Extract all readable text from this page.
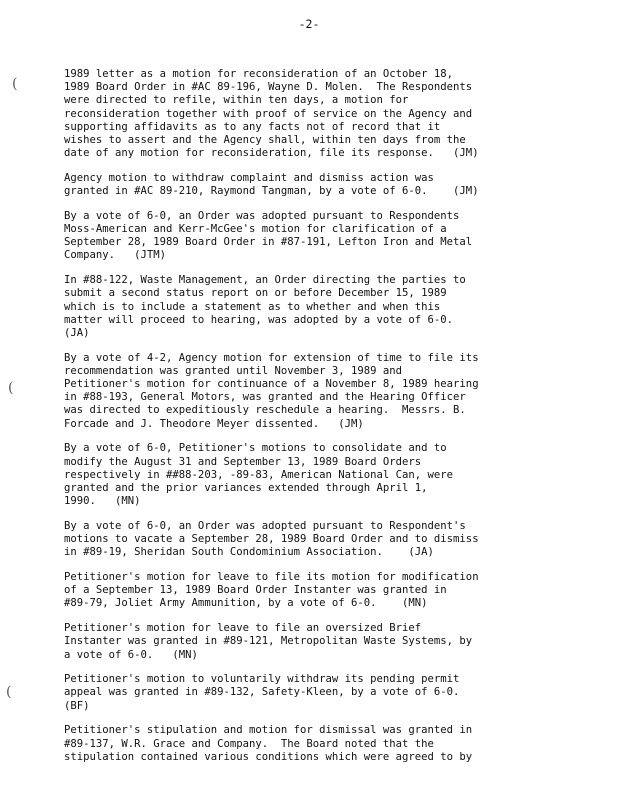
-2-
(
(
(
1989 letter as a motion for reconsideration of an October 18,
1989 Board Order in #AC 89-196, Wayne D. Molen.  The Respondents
were directed to refile, within ten days, a motion for
reconsideration together with proof of service on the Agency and
supporting affidavits as to any facts not of record that it
wishes to assert and the Agency shall, within ten days from the
date of any motion for reconsideration, file its response.   (JM)
Agency motion to withdraw complaint and dismiss action was
granted in #AC 89-210, Raymond Tangman, by a vote of 6-0.    (JM)
By a vote of 6-0, an Order was adopted pursuant to Respondents
Moss-American and Kerr-McGee's motion for clarification of a
September 28, 1989 Board Order in #87-191, Lefton Iron and Metal
Company.   (JTM)
In #88-122, Waste Management, an Order directing the parties to
submit a second status report on or before December 15, 1989
which is to include a statement as to whether and when this
matter will proceed to hearing, was adopted by a vote of 6-0.
(JA)
By a vote of 4-2, Agency motion for extension of time to file its
recommendation was granted until November 3, 1989 and
Petitioner's motion for continuance of a November 8, 1989 hearing
in #88-193, General Motors, was granted and the Hearing Officer
was directed to expeditiously reschedule a hearing.  Messrs. B.
Forcade and J. Theodore Meyer dissented.   (JM)
By a vote of 6-0, Petitioner's motions to consolidate and to
modify the August 31 and September 13, 1989 Board Orders
respectively in ##88-203, -89-83, American National Can, were
granted and the prior variances extended through April 1,
1990.   (MN)
By a vote of 6-0, an Order was adopted pursuant to Respondent's
motions to vacate a September 28, 1989 Board Order and to dismiss
in #89-19, Sheridan South Condominium Association.    (JA)
Petitioner's motion for leave to file its motion for modification
of a September 13, 1989 Board Order Instanter was granted in
#89-79, Joliet Army Ammunition, by a vote of 6-0.    (MN)
Petitioner's motion for leave to file an oversized Brief
Instanter was granted in #89-121, Metropolitan Waste Systems, by
a vote of 6-0.   (MN)
Petitioner's motion to voluntarily withdraw its pending permit
appeal was granted in #89-132, Safety-Kleen, by a vote of 6-0.
(BF)
Petitioner's stipulation and motion for dismissal was granted in
#89-137, W.R. Grace and Company.  The Board noted that the
stipulation contained various conditions which were agreed to by
